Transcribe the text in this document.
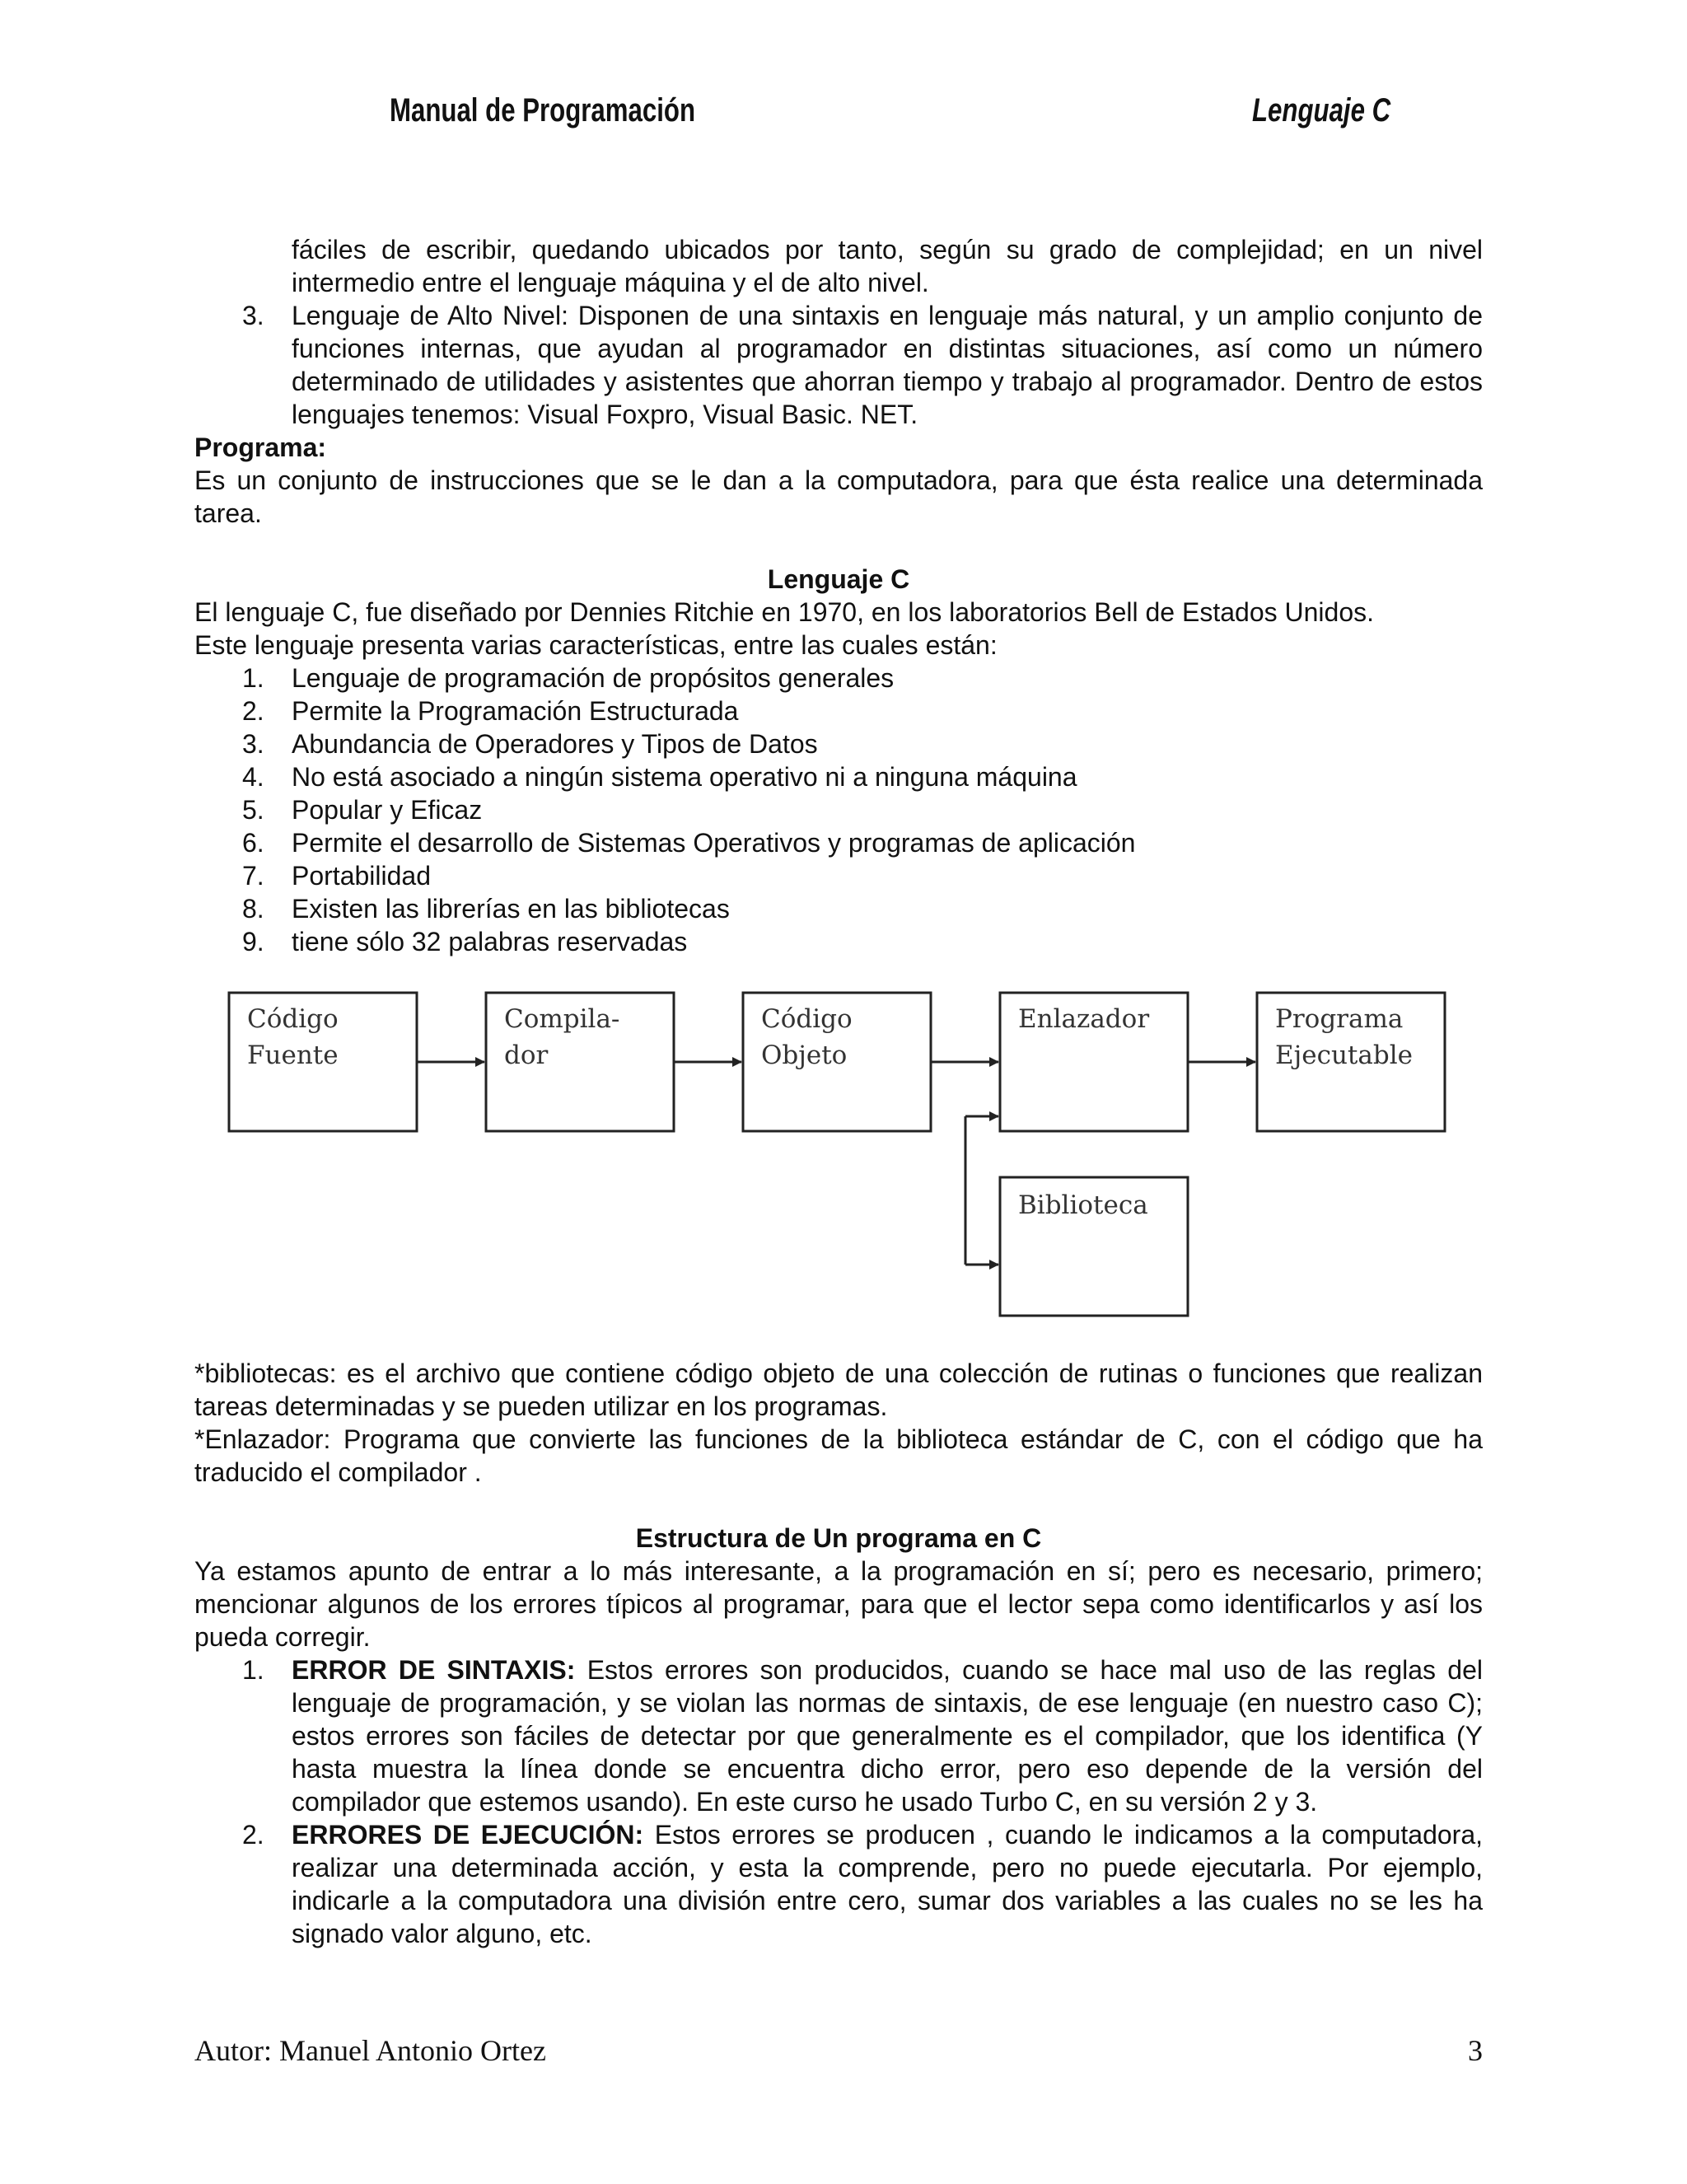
Manual de Programación	Lenguaje C

fáciles de escribir, quedando ubicados por tanto, según su grado de complejidad; en un nivel intermedio entre el lenguaje máquina y el de alto nivel.

3. Lenguaje de Alto Nivel: Disponen de una sintaxis en lenguaje más natural, y un amplio conjunto de funciones internas, que ayudan al programador en distintas situaciones, así como un número determinado de utilidades y asistentes que ahorran tiempo y trabajo al programador. Dentro de estos lenguajes tenemos: Visual Foxpro, Visual Basic. NET.

Programa:

Es un conjunto de instrucciones que se le dan a la computadora, para que ésta realice una determinada tarea.

Lenguaje C

El lenguaje C, fue diseñado por Dennies Ritchie en 1970, en los laboratorios Bell de Estados Unidos.

Este lenguaje presenta varias características, entre las cuales están:

1. Lenguaje de programación de propósitos generales
2. Permite la Programación Estructurada
3. Abundancia de Operadores y Tipos de Datos
4. No está asociado a ningún sistema operativo ni a ninguna máquina
5. Popular y Eficaz
6. Permite el desarrollo de Sistemas Operativos y programas de aplicación
7. Portabilidad
8. Existen las librerías en las bibliotecas
9. tiene sólo 32 palabras reservadas
Código
Fuente
Compila-
dor
Código
Objeto
Enlazador	Programa
Ejecutable
Biblioteca

*bibliotecas: es el archivo que contiene código objeto de una colección de rutinas o funciones que realizan tareas determinadas y se pueden utilizar en los programas.

*Enlazador: Programa que convierte las funciones de la biblioteca estándar de C, con el código que ha traducido el compilador .

Estructura de Un programa en C

Ya estamos apunto de entrar a lo más interesante, a la programación en sí; pero es necesario, primero; mencionar algunos de los errores típicos al programar, para que el lector sepa como identificarlos y así los pueda corregir.

1. ERROR DE SINTAXIS: Estos errores son producidos, cuando se hace mal uso de las reglas del lenguaje de programación, y se violan las normas de sintaxis, de ese lenguaje (en nuestro caso C); estos errores son fáciles de detectar por que generalmente es el compilador, que los identifica (Y hasta muestra la línea donde se encuentra dicho error, pero eso depende de la versión del compilador que estemos usando). En este curso he usado Turbo C, en su versión 2 y 3.
2. ERRORES DE EJECUCIÓN: Estos errores se producen , cuando le indicamos a la computadora, realizar una determinada acción, y esta la comprende, pero no puede ejecutarla. Por ejemplo, indicarle a la computadora una división entre cero, sumar dos variables a las cuales no se les ha signado valor alguno, etc.
Autor: Manuel Antonio Ortez	3
